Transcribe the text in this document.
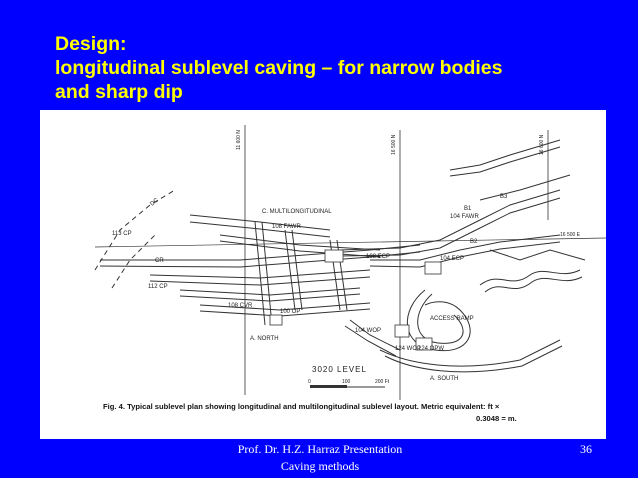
Design:
longitudinal sublevel caving – for narrow bodies
and sharp dip
C. MULTILONGITUDINAL
108 FAWR
104 FAWR
113 CP
112 CP
CR
108 CVR
100 OP
A. NORTH
104 WOP
108 ECP	104 ECP
ACCESS RAMP
A. SOUTH
124 WOP
124 OPW
B1
B2
B3
DC
11 600 N	16 500 N	16 600 N
16 500 E
3020 LEVEL
0	100	200 Ft
Fig. 4. Typical sublevel plan showing longitudinal and multilongitudinal sublevel layout. Metric equivalent: ft ×
0.3048 = m.
Prof. Dr. H.Z. Harraz Presentation
Caving methods
36
